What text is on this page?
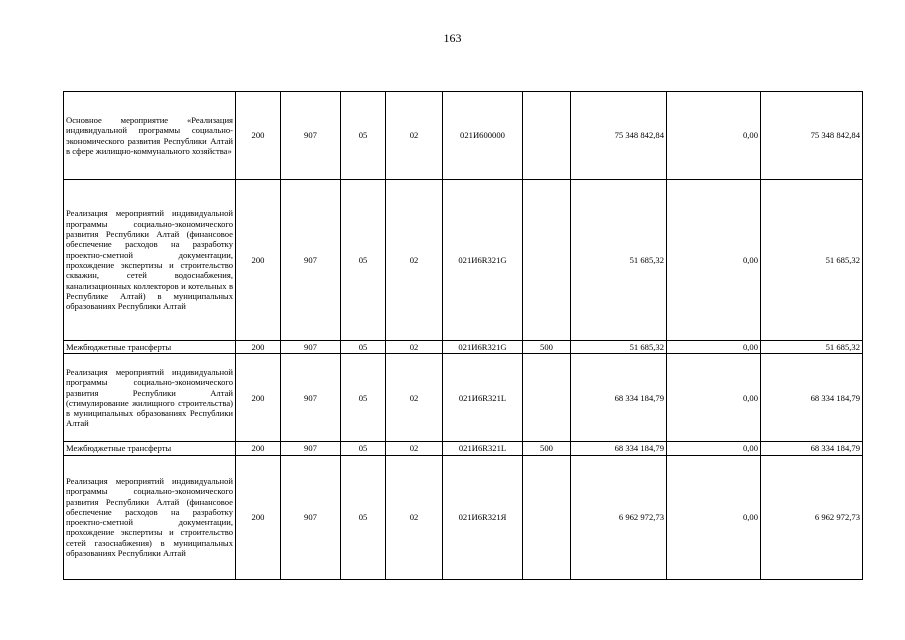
163
Основное мероприятие «Реализация индивидуальной программы социально-экономического развития Республики Алтай в сфере жилищно-коммунального хозяйства»	200	907	05	02	021И600000		75 348 842,84	0,00	75 348 842,84
Реализация мероприятий индивидуальной программы социально-экономического развития Республики Алтай (финансовое обеспечение расходов на разработку проектно-сметной документации, прохождение экспертизы и строительство скважин, сетей водоснабжения, канализационных коллекторов и котельных в Республике Алтай) в муниципальных образованиях Республики Алтай	200	907	05	02	021И6R321G		51 685,32	0,00	51 685,32
Межбюджетные трансферты	200	907	05	02	021И6R321G	500	51 685,32	0,00	51 685,32
Реализация мероприятий индивидуальной программы социально-экономического развития Республики Алтай (стимулирование жилищного строительства) в муниципальных образованиях Республики Алтай	200	907	05	02	021И6R321L		68 334 184,79	0,00	68 334 184,79
Межбюджетные трансферты	200	907	05	02	021И6R321L	500	68 334 184,79	0,00	68 334 184,79
Реализация мероприятий индивидуальной программы социально-экономического развития Республики Алтай (финансовое обеспечение расходов на разработку проектно-сметной документации, прохождение экспертизы и строительство сетей газоснабжения) в муниципальных образованиях Республики Алтай	200	907	05	02	021И6R321Я		6 962 972,73	0,00	6 962 972,73
